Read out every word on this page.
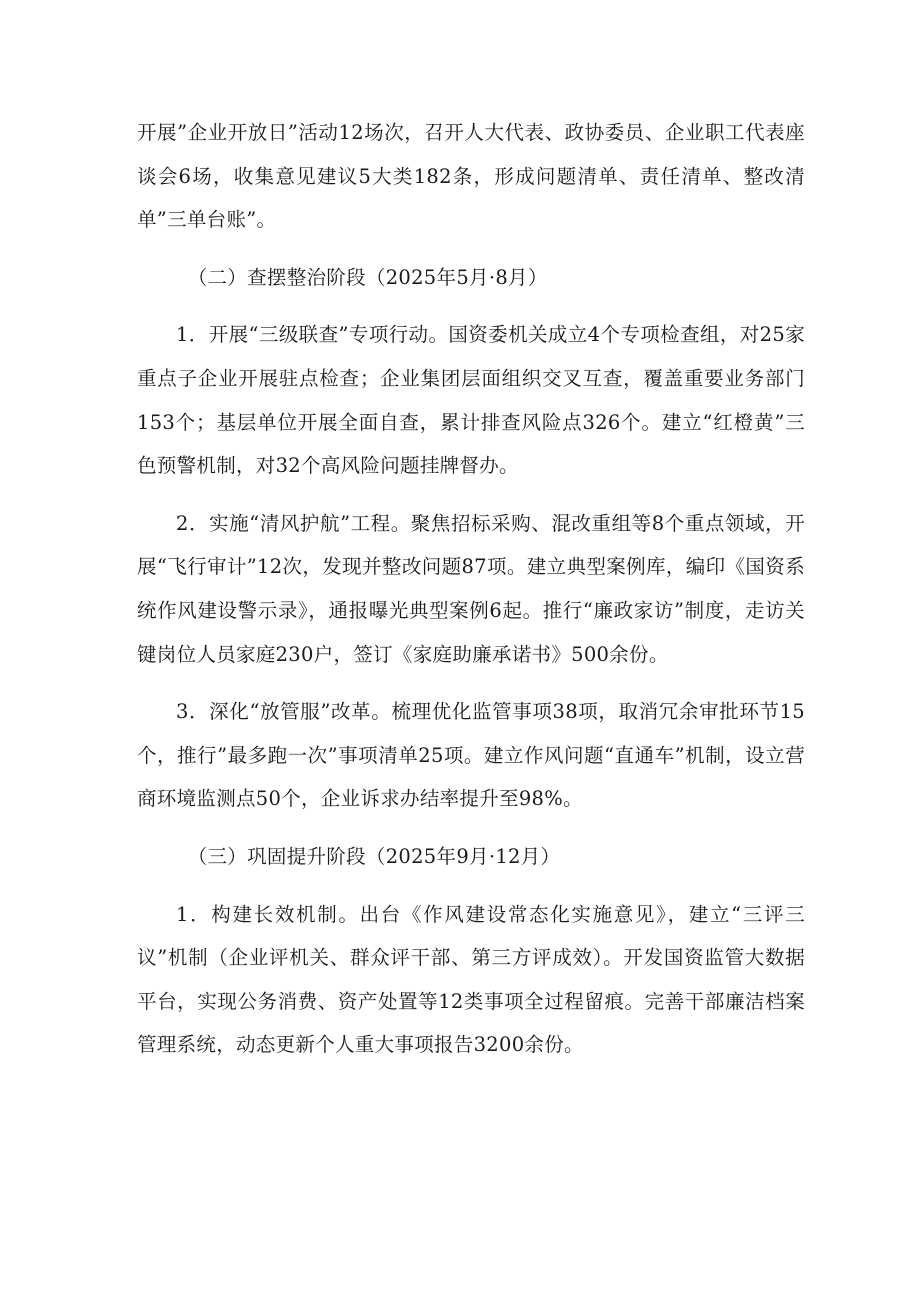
开展”企业开放日”活动12场次，召开人大代表、政协委员、企业职工代表座谈会6场，收集意见建议5大类182条，形成问题清单、责任清单、整改清单”三单台账”。

（二）查摆整治阶段（2025年5月·8月）

1．开展“三级联查”专项行动。国资委机关成立4个专项检查组，对25家重点子企业开展驻点检查；企业集团层面组织交叉互查，覆盖重要业务部门153个；基层单位开展全面自查，累计排查风险点326个。建立“红橙黄”三色预警机制，对32个高风险问题挂牌督办。

2．实施“清风护航”工程。聚焦招标采购、混改重组等8个重点领域，开展“飞行审计”12次，发现并整改问题87项。建立典型案例库，编印《国资系统作风建设警示录》，通报曝光典型案例6起。推行“廉政家访”制度，走访关键岗位人员家庭230户，签订《家庭助廉承诺书》500余份。

3．深化“放管服”改革。梳理优化监管事项38项，取消冗余审批环节15个，推行”最多跑一次”事项清单25项。建立作风问题“直通车”机制，设立营商环境监测点50个，企业诉求办结率提升至98%。

（三）巩固提升阶段（2025年9月·12月）

1．构建长效机制。出台《作风建设常态化实施意见》，建立“三评三议”机制（企业评机关、群众评干部、第三方评成效）。开发国资监管大数据平台，实现公务消费、资产处置等12类事项全过程留痕。完善干部廉洁档案管理系统，动态更新个人重大事项报告3200余份。
